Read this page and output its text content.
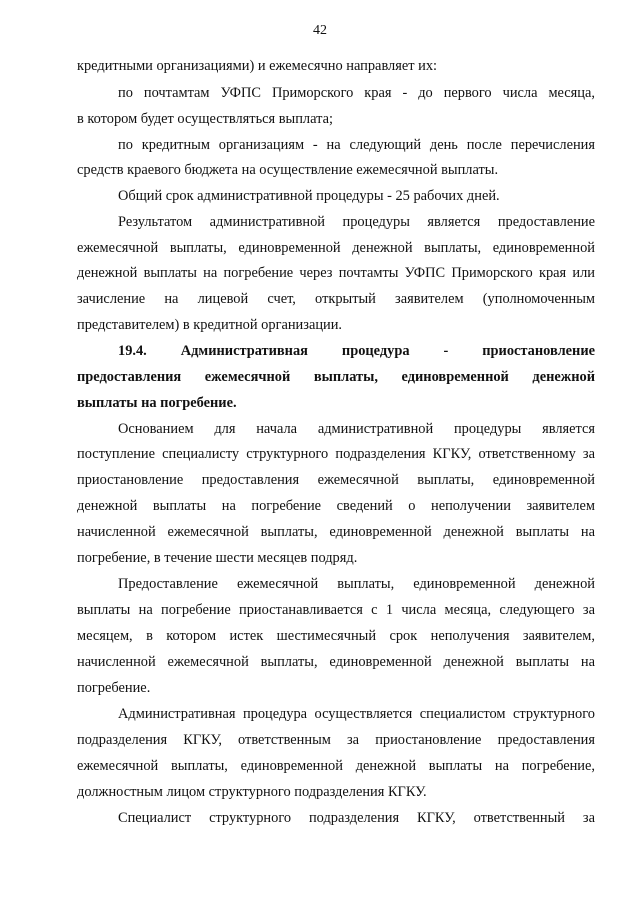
42
кредитными организациями) и ежемесячно направляет их:
по почтамтам УФПС Приморского края - до первого числа месяца,
в котором будет осуществляться выплата;
по кредитным организациям - на следующий день после перечисления
средств краевого бюджета на осуществление ежемесячной выплаты.
Общий срок административной процедуры - 25 рабочих дней.
Результатом административной процедуры является предоставление
ежемесячной выплаты, единовременной денежной выплаты, единовременной
денежной выплаты на погребение через почтамты УФПС Приморского края или
зачисление на лицевой счет, открытый заявителем (уполномоченным
представителем) в кредитной организации.
19.4. Административная процедура - приостановление
предоставления ежемесячной выплаты, единовременной денежной
выплаты на погребение.
Основанием для начала административной процедуры является
поступление специалисту структурного подразделения КГКУ, ответственному за
приостановление предоставления ежемесячной выплаты, единовременной
денежной выплаты на погребение сведений о неполучении заявителем
начисленной ежемесячной выплаты, единовременной денежной выплаты на
погребение, в течение шести месяцев подряд.
Предоставление ежемесячной выплаты, единовременной денежной
выплаты на погребение приостанавливается с 1 числа месяца, следующего за
месяцем, в котором истек шестимесячный срок неполучения заявителем,
начисленной ежемесячной выплаты, единовременной денежной выплаты на
погребение.
Административная процедура осуществляется специалистом структурного
подразделения КГКУ, ответственным за приостановление предоставления
ежемесячной выплаты, единовременной денежной выплаты на погребение,
должностным лицом структурного подразделения КГКУ.
Специалист структурного подразделения КГКУ, ответственный за
